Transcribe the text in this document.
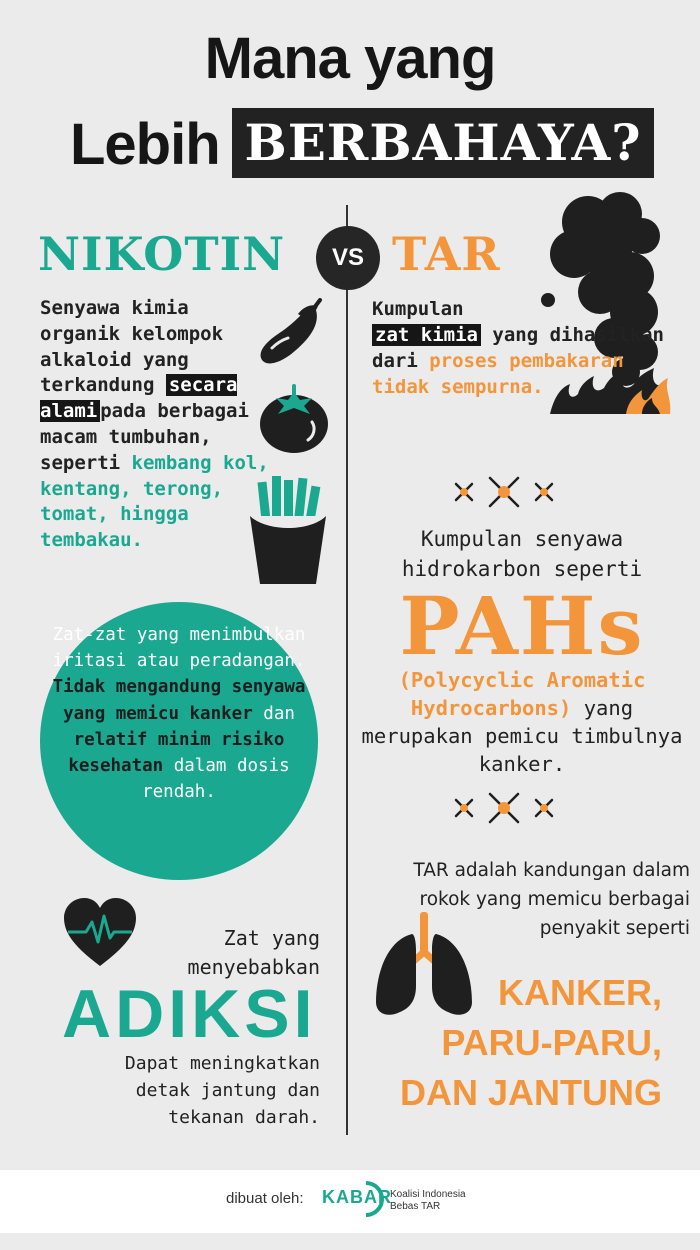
Mana yang
Lebih BERBAHAYA?
VS
NIKOTIN TAR
Senyawa kimia organik kelompok alkaloid yang terkandung secara alami pada berbagai macam tumbuhan, seperti kembang kol, kentang, terong, tomat, hingga tembakau.
Kumpulan
zat kimia yang dihasilkan dari proses pembakaran tidak sempurna.
Kumpulan senyawa hidrokarbon seperti
PAHs
(Polycyclic Aromatic Hydrocarbons) yang merupakan pemicu timbulnya kanker.
Zat-zat yang menimbulkan iritasi atau peradangan. Tidak mengandung senyawa yang memicu kanker dan relatif minim risiko kesehatan dalam dosis rendah.
TAR adalah kandungan dalam rokok yang memicu berbagai penyakit seperti
KANKER,
PARU-PARU,
DAN JANTUNG
Zat yang menyebabkan
ADIKSI
Dapat meningkatkan detak jantung dan tekanan darah.
dibuat oleh: KABAR
Koalisi Indonesia
Bebas TAR
